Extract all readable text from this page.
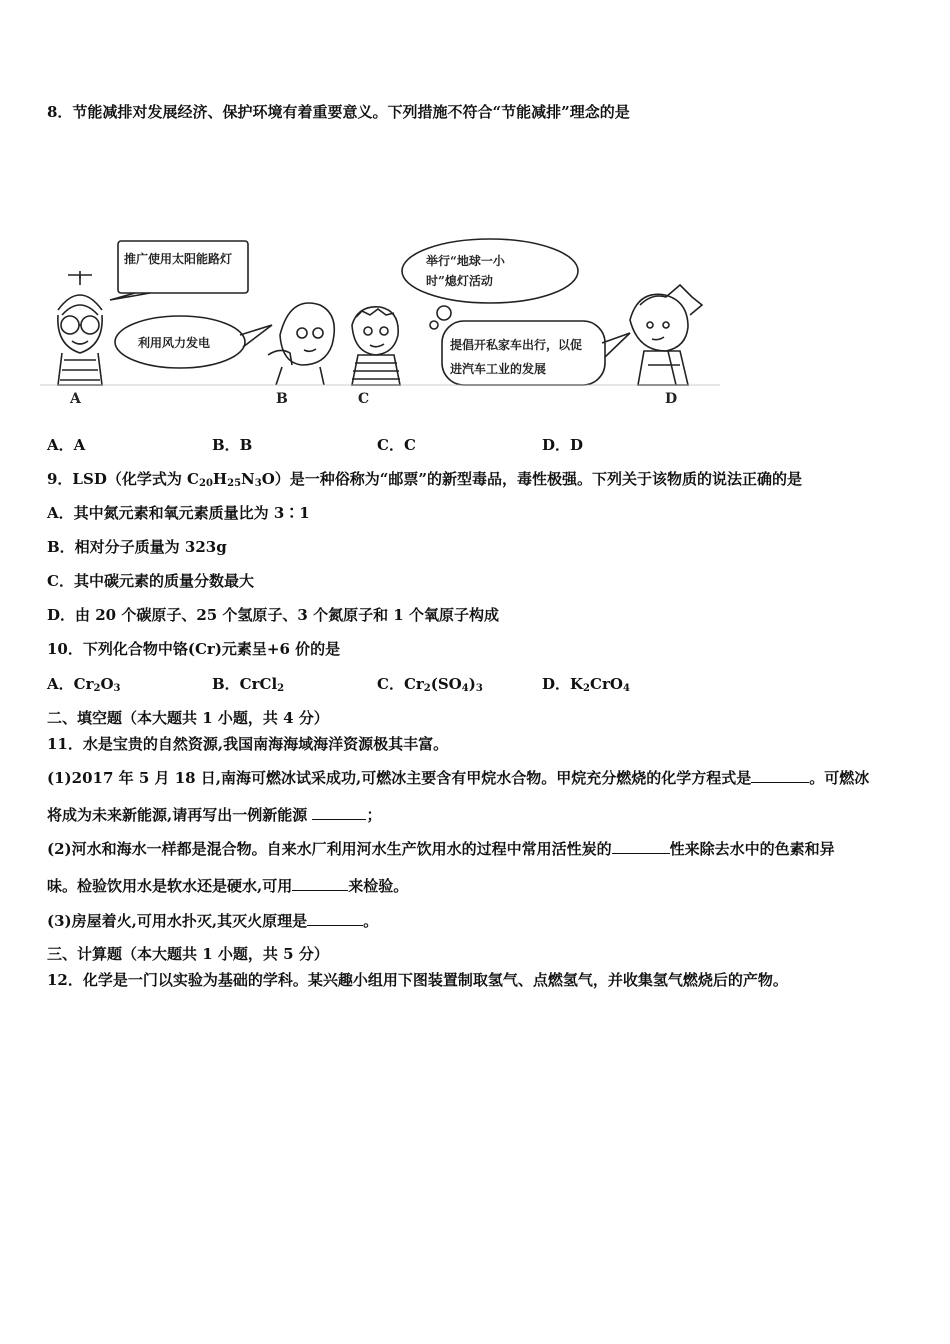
8．节能减排对发展经济、保护环境有着重要意义。下列措施不符合“节能减排”理念的是
推广使用太阳能路灯
利用风力发电
举行“地球一小
时”熄灯活动
提倡开私家车出行，以促
进汽车工业的发展
A	B	C	D
A．A	B．B	C．C	D．D
9．LSD（化学式为 $C_{20}H_{25}N_3O$）是一种俗称为“邮票”的新型毒品，毒性极强。下列关于该物质的说法正确的是
A．其中氮元素和氧元素质量比为 3∶1
B．相对分子质量为 323g
C．其中碳元素的质量分数最大
D．由 20 个碳原子、25 个氢原子、3 个氮原子和 1 个氧原子构成
10．下列化合物中铬(Cr)元素呈+6 价的是
A．$Cr_2O_3$	B．CrCl$_2$	C．$Cr_2(SO_4)_3$	D．$K_2CrO_4$
二、填空题（本大题共 1 小题，共 4 分）
11．水是宝贵的自然资源,我国南海海域海洋资源极其丰富。
(1)2017 年 5 月 18 日,南海可燃冰试采成功,可燃冰主要含有甲烷水合物。甲烷充分燃烧的化学方程式是	。可燃冰
将成为未来新能源,请再写出一例新能源	；
(2)河水和海水一样都是混合物。自来水厂利用河水生产饮用水的过程中常用活性炭的	性来除去水中的色素和异
味。检验饮用水是软水还是硬水,可用	来检验。
(3)房屋着火,可用水扑灭,其灭火原理是	。
三、计算题（本大题共 1 小题，共 5 分）
12．化学是一门以实验为基础的学科。某兴趣小组用下图装置制取氢气、点燃氢气，并收集氢气燃烧后的产物。
